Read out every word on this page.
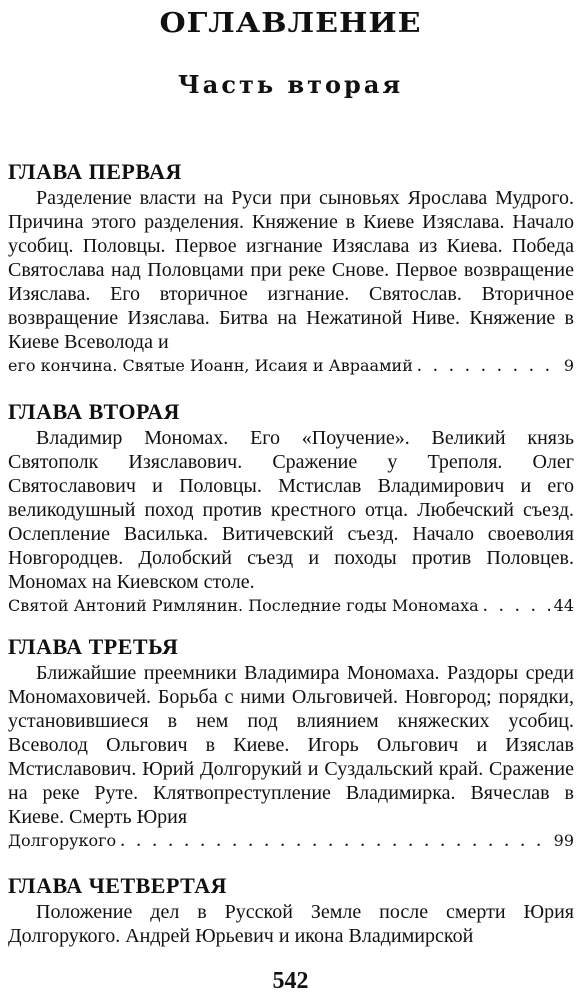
ОГЛАВЛЕНИЕ
Часть вторая
ГЛАВА ПЕРВАЯ

Разделение власти на Руси при сыновьях Ярослава Мудрого. Причина этого разделения. Княжение в Киеве Изяслава. Начало усобиц. Половцы. Первое изгнание Изяслава из Киева. Победа Святослава над Половцами при реке Снове. Первое возвращение Изяслава. Его вторичное изгнание. Святослав. Вторичное возвращение Изяслава. Битва на Нежатиной Ниве. Княжение в Киеве Всеволода и

его кончина. Святые Иоанн, Исаия и Авраамий . . .	9
ГЛАВА ВТОРАЯ

Владимир Мономах. Его «Поучение». Великий князь Святополк Изяславович. Сражение у Треполя. Олег Святославович и Половцы. Мстислав Владимирович и его великодушный поход против крестного отца. Любечский съезд. Ослепление Василька. Витичевский съезд. Начало своеволия Новгородцев. Долобский съезд и походы против Половцев. Мономах на Киевском столе.

Святой Антоний Римлянин. Последние годы Мономаха . . .	44
ГЛАВА ТРЕТЬЯ

Ближайшие преемники Владимира Мономаха. Раздоры среди Мономаховичей. Борьба с ними Ольговичей. Новгород; порядки, установившиеся в нем под влиянием княжеских усобиц. Всеволод Ольгович в Киеве. Игорь Ольгович и Изяслав Мстиславович. Юрий Долгорукий и Суздальский край. Сражение на реке Руте. Клятвопреступление Владимирка. Вячеслав в Киеве. Смерть Юрия

Долгорукого . . .	99
ГЛАВА ЧЕТВЕРТАЯ

Положение дел в Русской Земле после смерти Юрия Долгорукого. Андрей Юрьевич и икона Владимирской

542
